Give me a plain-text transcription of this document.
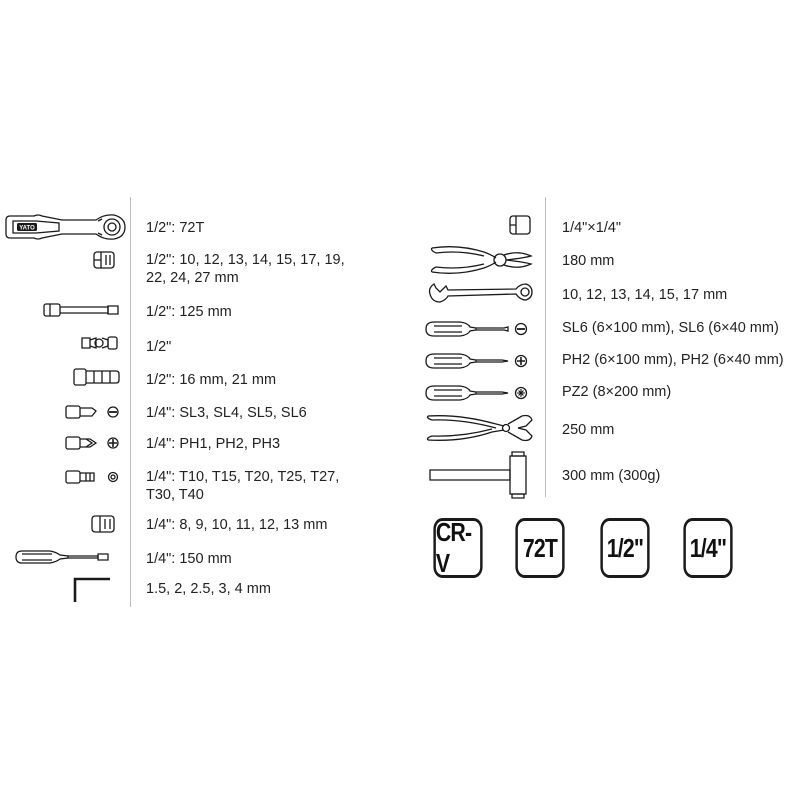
1/2": 72T
1/2": 10, 12, 13, 14, 15, 17, 19,
22, 24, 27 mm
1/2": 125 mm
1/2"
1/2": 16 mm, 21 mm
1/4": SL3, SL4, SL5, SL6
1/4": PH1, PH2, PH3
1/4": T10, T15, T20, T25, T27,
T30, T40
1/4": 8, 9, 10, 11, 12, 13 mm
1/4": 150 mm
1.5, 2, 2.5, 3, 4 mm
1/4"×1/4"
180 mm
10, 12, 13, 14, 15, 17 mm
SL6 (6×100 mm), SL6 (6×40 mm)
PH2 (6×100 mm), PH2 (6×40 mm)
PZ2 (8×200 mm)
250 mm
300 mm (300g)
CR-V
72T 1/2" 1/4"
YATO
